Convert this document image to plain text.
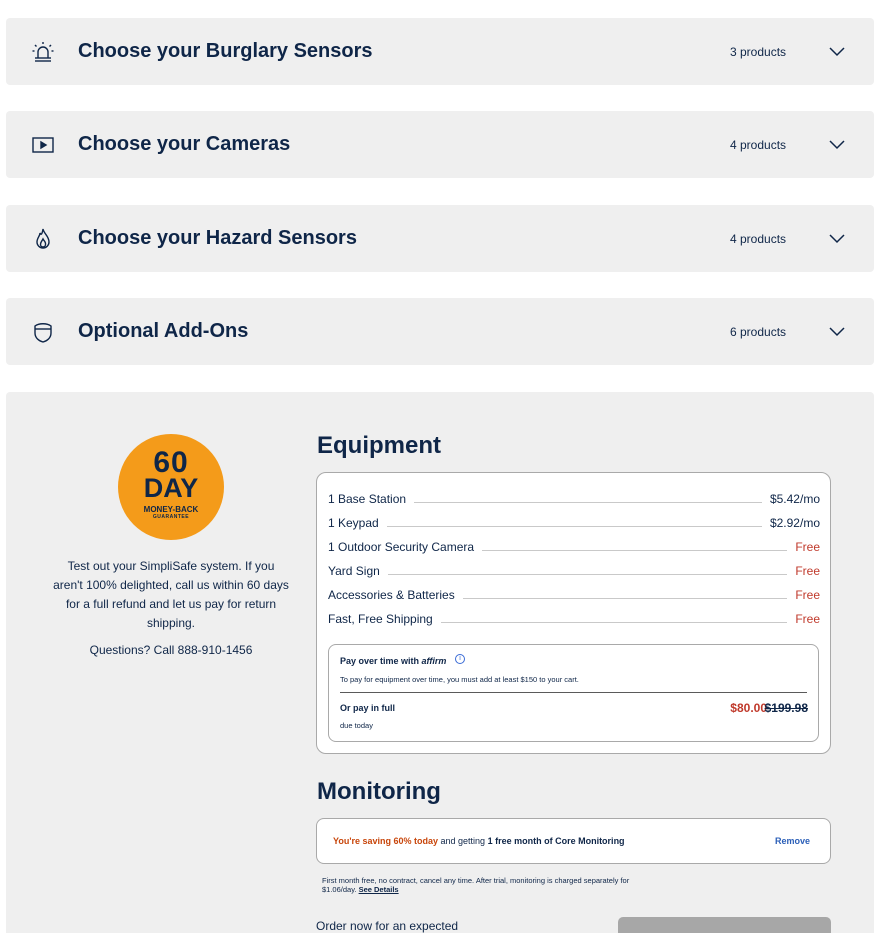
Choose your Burglary Sensors	3 products
Choose your Cameras	4 products
Choose your Hazard Sensors	4 products
Optional Add-Ons	6 products
60
DAY
MONEY-BACK
GUARANTEE
Test out your SimpliSafe system. If you aren't 100% delighted, call us within 60 days for a full refund and let us pay for return shipping.
Questions? Call 888-910-1456
Equipment
1 Base Station	$5.42/mo
1 Keypad	$2.92/mo
1 Outdoor Security Camera	Free
Yard Sign	Free
Accessories & Batteries	Free
Fast, Free Shipping	Free
Pay over time with affirm	i
To pay for equipment over time, you must add at least $150 to your cart.
Or pay in full
due today
$80.00
$199.98
Monitoring
You're saving 60% today and getting 1 free month of Core Monitoring	Remove
First month free, no contract, cancel any time. After trial, monitoring is charged separately for $1.06/day. See Details
Order now for an expected
